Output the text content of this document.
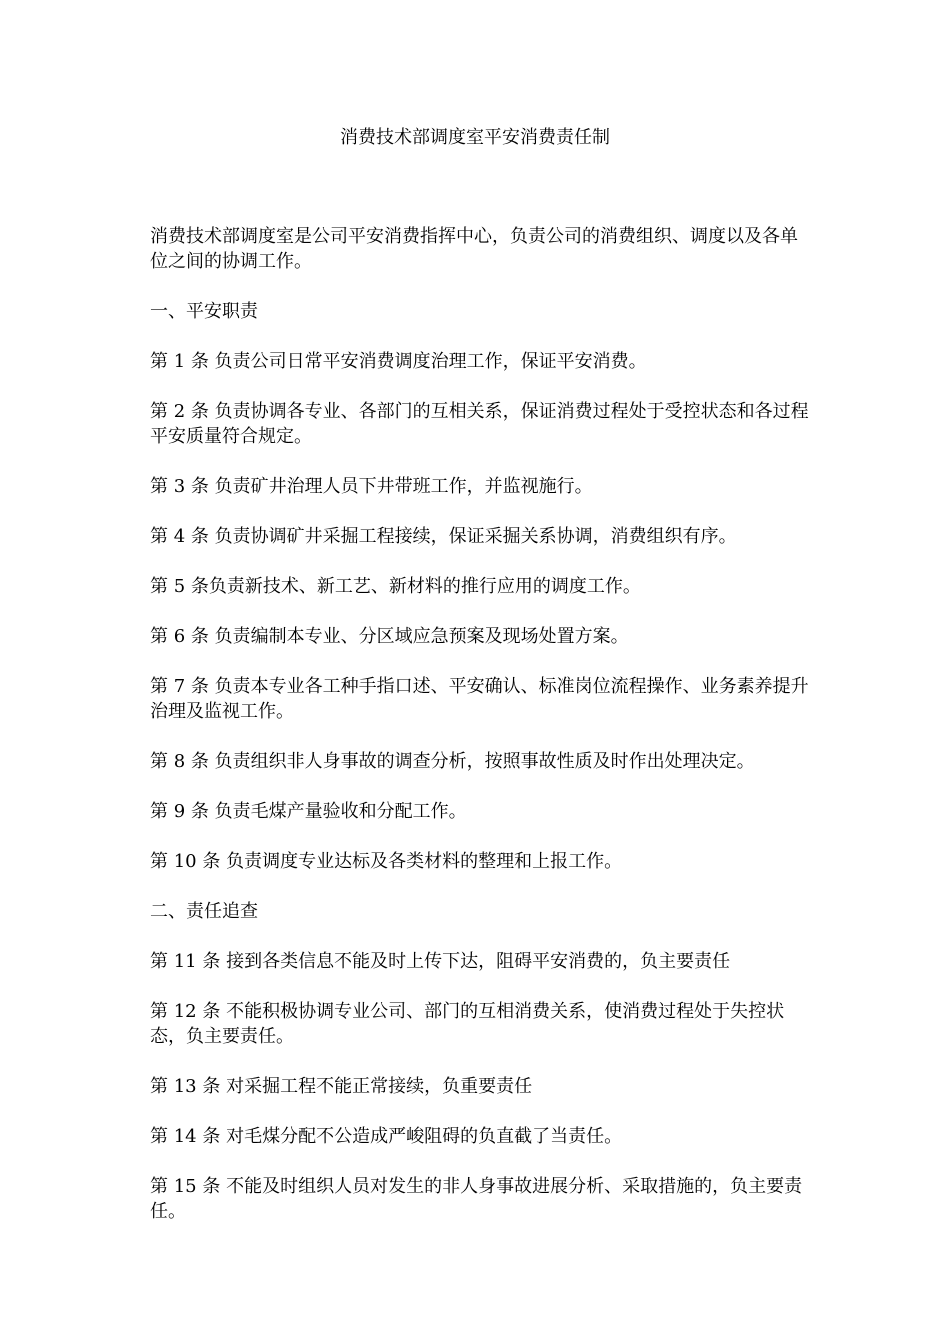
消费技术部调度室平安消费责任制

消费技术部调度室是公司平安消费指挥中心，负责公司的消费组织、调度以及各单位之间的协调工作。

一、平安职责

第 1 条 负责公司日常平安消费调度治理工作，保证平安消费。

第 2 条 负责协调各专业、各部门的互相关系，保证消费过程处于受控状态和各过程平安质量符合规定。

第 3 条 负责矿井治理人员下井带班工作，并监视施行。

第 4 条 负责协调矿井采掘工程接续，保证采掘关系协调，消费组织有序。

第 5 条负责新技术、新工艺、新材料的推行应用的调度工作。

第 6 条 负责编制本专业、分区域应急预案及现场处置方案。

第 7 条 负责本专业各工种手指口述、平安确认、标准岗位流程操作、业务素养提升治理及监视工作。

第 8 条 负责组织非人身事故的调查分析，按照事故性质及时作出处理决定。

第 9 条 负责毛煤产量验收和分配工作。

第 10 条 负责调度专业达标及各类材料的整理和上报工作。

二、责任追查

第 11 条 接到各类信息不能及时上传下达，阻碍平安消费的，负主要责任

第 12 条 不能积极协调专业公司、部门的互相消费关系，使消费过程处于失控状态，负主要责任。

第 13 条 对采掘工程不能正常接续，负重要责任

第 14 条 对毛煤分配不公造成严峻阻碍的负直截了当责任。

第 15 条 不能及时组织人员对发生的非人身事故进展分析、采取措施的，负主要责任。
